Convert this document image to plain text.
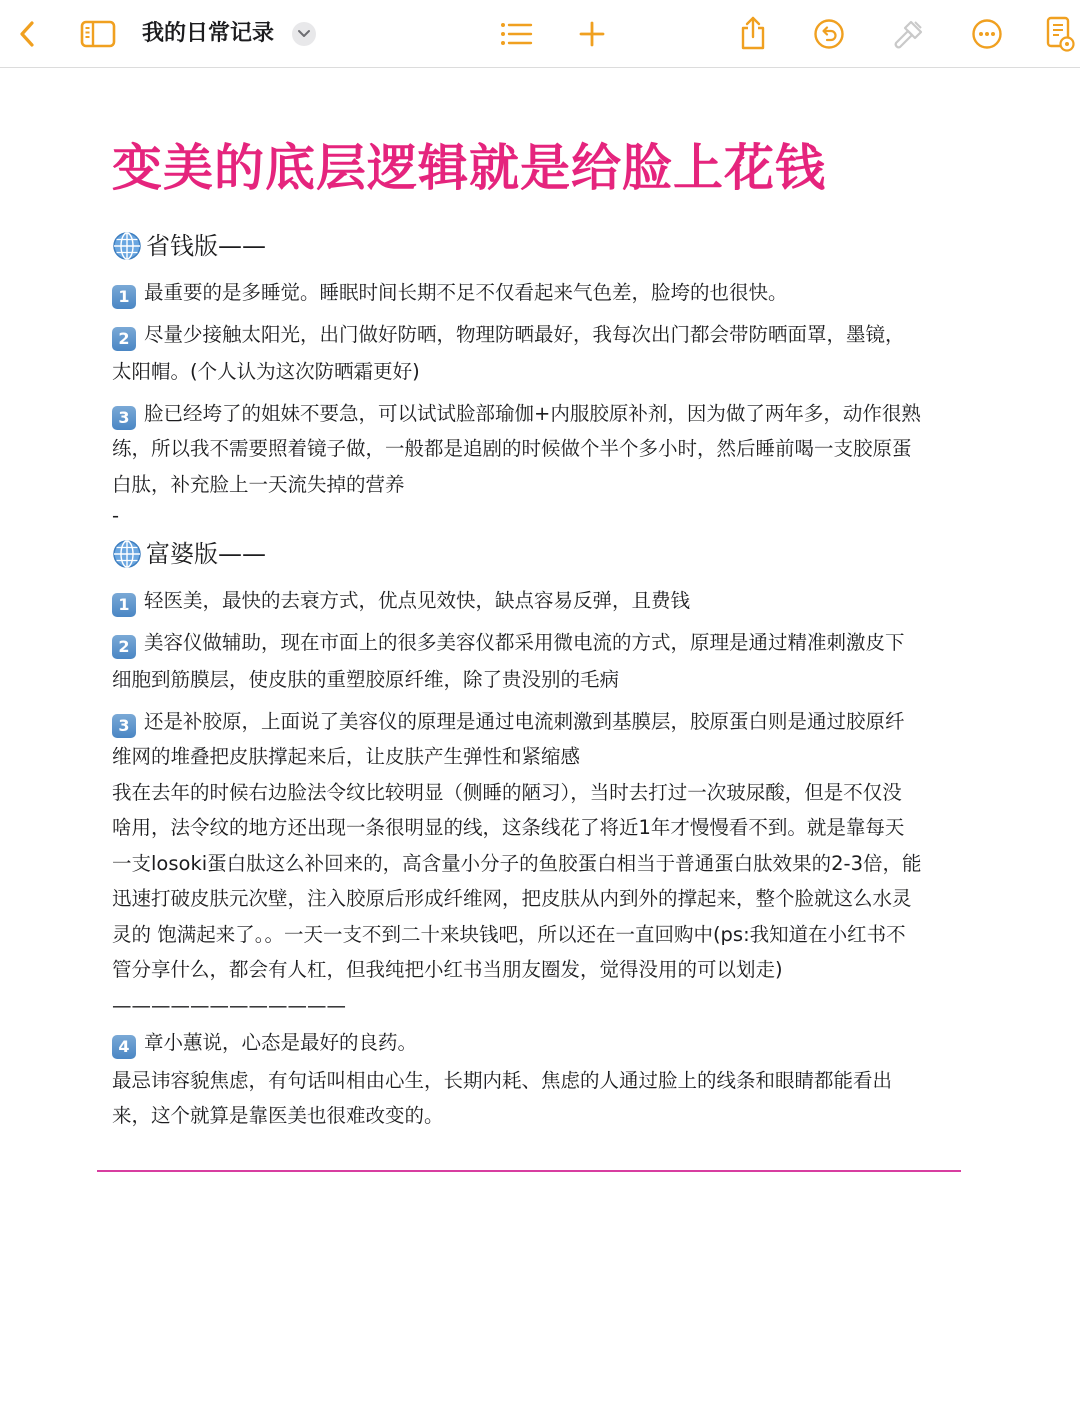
我的日常记录
变美的底层逻辑就是给脸上花钱
省钱版——

1 最重要的是多睡觉。睡眠时间长期不足不仅看起来气色差，脸垮的也很快。

2 尽量少接触太阳光，出门做好防晒，物理防晒最好，我每次出门都会带防晒面罩，墨镜，

太阳帽。(个人认为这次防晒霜更好)

3 脸已经垮了的姐妹不要急，可以试试脸部瑜伽+内服胶原补剂，因为做了两年多，动作很熟

练，所以我不需要照着镜子做，一般都是追剧的时候做个半个多小时，然后睡前喝一支胶原蛋

白肽，补充脸上一天流失掉的营养

-

富婆版——

1 轻医美，最快的去衰方式，优点见效快，缺点容易反弹，且费钱

2 美容仪做辅助，现在市面上的很多美容仪都采用微电流的方式，原理是通过精准刺激皮下

细胞到筋膜层，使皮肤的重塑胶原纤维，除了贵没别的毛病

3 还是补胶原，上面说了美容仪的原理是通过电流刺激到基膜层，胶原蛋白则是通过胶原纤

维网的堆叠把皮肤撑起来后，让皮肤产生弹性和紧缩感

我在去年的时候右边脸法令纹比较明显（侧睡的陋习），当时去打过一次玻尿酸，但是不仅没

啥用，法令纹的地方还出现一条很明显的线，这条线花了将近1年才慢慢看不到。就是靠每天

一支losoki蛋白肽这么补回来的，高含量小分子的鱼胶蛋白相当于普通蛋白肽效果的2-3倍，能

迅速打破皮肤元次壁，注入胶原后形成纤维网，把皮肤从内到外的撑起来，整个脸就这么水灵

灵的 饱满起来了。。一天一支不到二十来块钱吧，所以还在一直回购中(ps:我知道在小红书不

管分享什么，都会有人杠，但我纯把小红书当朋友圈发，觉得没用的可以划走)

————————————

4 章小蕙说，心态是最好的良药。

最忌讳容貌焦虑，有句话叫相由心生，长期内耗、焦虑的人通过脸上的线条和眼睛都能看出

来，这个就算是靠医美也很难改变的。
